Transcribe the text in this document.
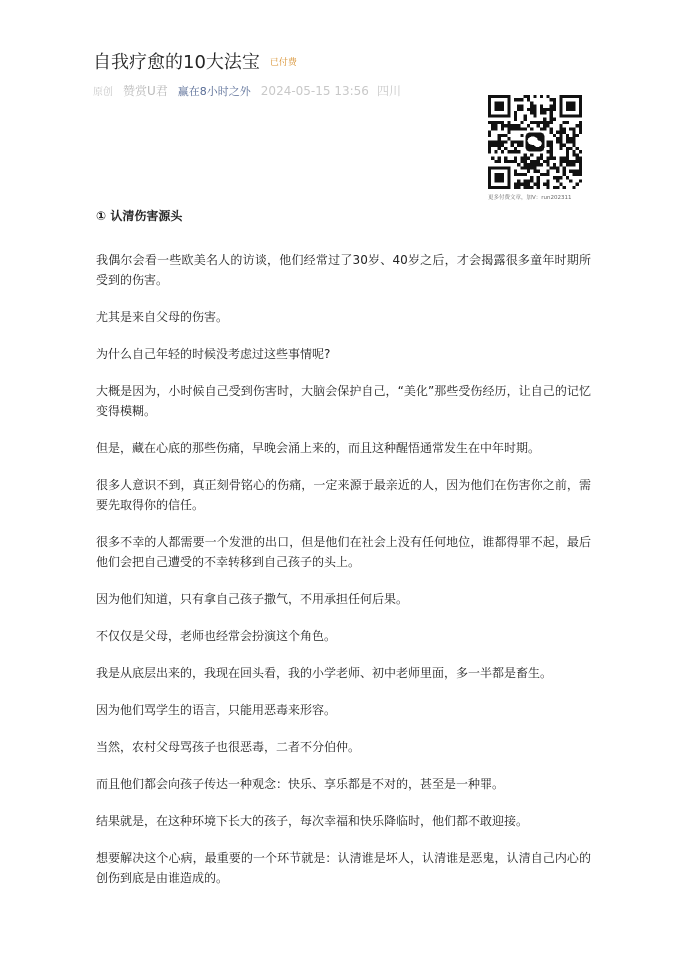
自我疗愈的10大法宝 已付费
原创 赞赏U君 赢在8小时之外 2024-05-15 13:56 四川
更多付费文章，加V：run202311
① 认清伤害源头

我偶尔会看一些欧美名人的访谈，他们经常过了30岁、40岁之后，才会揭露很多童年时期所受到的伤害。

尤其是来自父母的伤害。

为什么自己年轻的时候没考虑过这些事情呢?

大概是因为，小时候自己受到伤害时，大脑会保护自己，“美化”那些受伤经历，让自己的记忆变得模糊。

但是，藏在心底的那些伤痛，早晚会涌上来的，而且这种醒悟通常发生在中年时期。

很多人意识不到，真正刻骨铭心的伤痛，一定来源于最亲近的人，因为他们在伤害你之前，需要先取得你的信任。

很多不幸的人都需要一个发泄的出口，但是他们在社会上没有任何地位，谁都得罪不起，最后他们会把自己遭受的不幸转移到自己孩子的头上。

因为他们知道，只有拿自己孩子撒气，不用承担任何后果。

不仅仅是父母，老师也经常会扮演这个角色。

我是从底层出来的，我现在回头看，我的小学老师、初中老师里面，多一半都是畜生。

因为他们骂学生的语言，只能用恶毒来形容。

当然，农村父母骂孩子也很恶毒，二者不分伯仲。

而且他们都会向孩子传达一种观念：快乐、享乐都是不对的，甚至是一种罪。

结果就是，在这种环境下长大的孩子，每次幸福和快乐降临时，他们都不敢迎接。

想要解决这个心病，最重要的一个环节就是：认清谁是坏人，认清谁是恶鬼，认清自己内心的创伤到底是由谁造成的。
